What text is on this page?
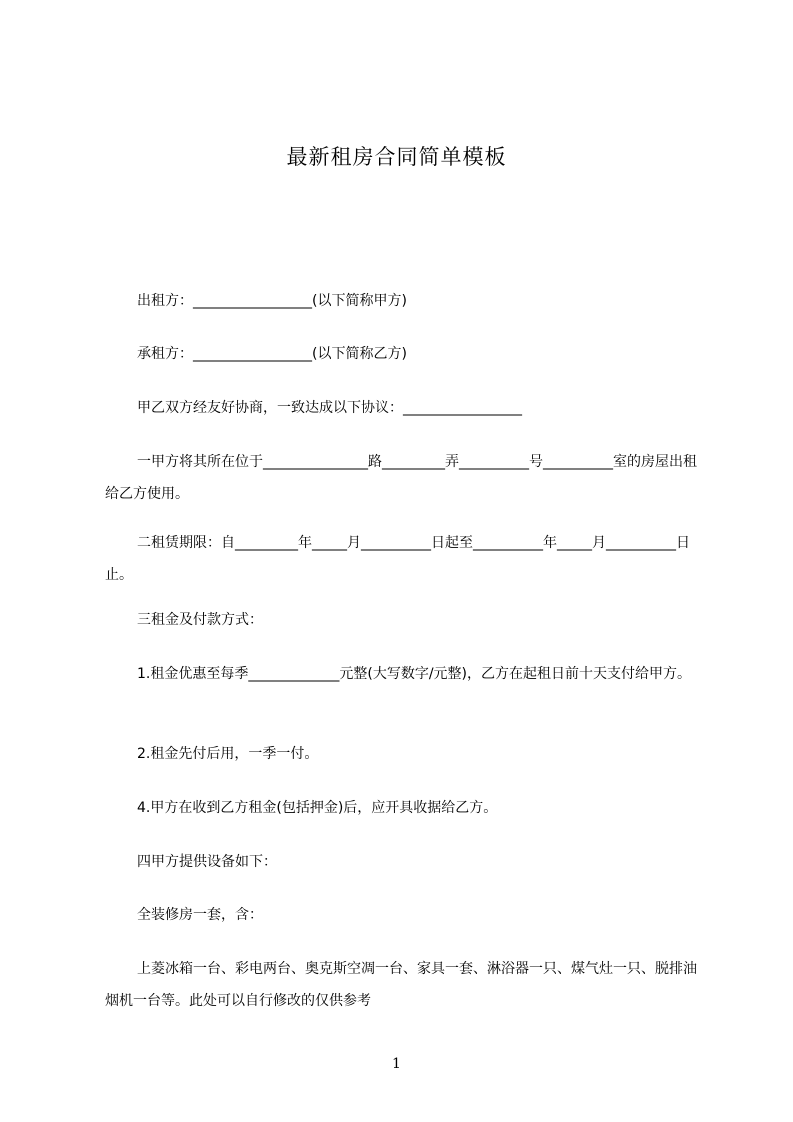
最新租房合同简单模板

出租方：_________________(以下简称甲方)

承租方：_________________(以下简称乙方)

甲乙双方经友好协商，一致达成以下协议：_________________

一甲方将其所在位于_______________路_________弄__________号__________室的房屋出租给乙方使用。

二租赁期限：自_________年_____月__________日起至__________年_____月__________日止。

三租金及付款方式：

1.租金优惠至每季_____________元整(大写数字/元整)，乙方在起租日前十天支付给甲方。

2.租金先付后用，一季一付。

4.甲方在收到乙方租金(包括押金)后，应开具收据给乙方。

四甲方提供设备如下：

全装修房一套，含：

上菱冰箱一台、彩电两台、奥克斯空凋一台、家具一套、淋浴器一只、煤气灶一只、脱排油烟机一台等。此处可以自行修改的仅供参考

1
